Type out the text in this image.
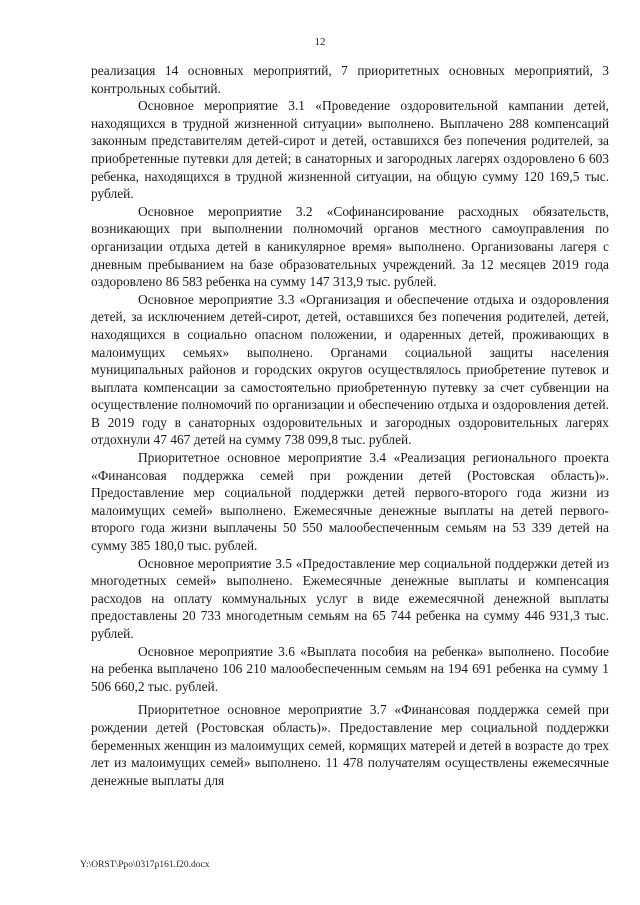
12

реализация 14 основных мероприятий, 7 приоритетных основных мероприятий, 3 контрольных событий.

Основное мероприятие 3.1 «Проведение оздоровительной кампании детей, находящихся в трудной жизненной ситуации» выполнено. Выплачено 288 компенсаций законным представителям детей-сирот и детей, оставшихся без попечения родителей, за приобретенные путевки для детей; в санаторных и загородных лагерях оздоровлено 6 603 ребенка, находящихся в трудной жизненной ситуации, на общую сумму 120 169,5 тыс. рублей.

Основное мероприятие 3.2 «Софинансирование расходных обязательств, возникающих при выполнении полномочий органов местного самоуправления по организации отдыха детей в каникулярное время» выполнено. Организованы лагеря с дневным пребыванием на базе образовательных учреждений. За 12 месяцев 2019 года оздоровлено 86 583 ребенка на сумму 147 313,9 тыс. рублей.

Основное мероприятие 3.3 «Организация и обеспечение отдыха и оздоровления детей, за исключением детей-сирот, детей, оставшихся без попечения родителей, детей, находящихся в социально опасном положении, и одаренных детей, проживающих в малоимущих семьях» выполнено. Органами социальной защиты населения муниципальных районов и городских округов осуществлялось приобретение путевок и выплата компенсации за самостоятельно приобретенную путевку за счет субвенции на осуществление полномочий по организации и обеспечению отдыха и оздоровления детей. В 2019 году в санаторных оздоровительных и загородных оздоровительных лагерях отдохнули 47 467 детей на сумму 738 099,8 тыс. рублей.

Приоритетное основное мероприятие 3.4 «Реализация регионального проекта «Финансовая поддержка семей при рождении детей (Ростовская область)». Предоставление мер социальной поддержки детей первого-второго года жизни из малоимущих семей» выполнено. Ежемесячные денежные выплаты на детей первого-второго года жизни выплачены 50 550 малообеспеченным семьям на 53 339 детей на сумму 385 180,0 тыс. рублей.

Основное мероприятие 3.5 «Предоставление мер социальной поддержки детей из многодетных семей» выполнено. Ежемесячные денежные выплаты и компенсация расходов на оплату коммунальных услуг в виде ежемесячной денежной выплаты предоставлены 20 733 многодетным семьям на 65 744 ребенка на сумму 446 931,3 тыс. рублей.

Основное мероприятие 3.6 «Выплата пособия на ребенка» выполнено. Пособие на ребенка выплачено 106 210 малообеспеченным семьям на 194 691 ребенка на сумму 1 506 660,2 тыс. рублей.

Приоритетное основное мероприятие 3.7 «Финансовая поддержка семей при рождении детей (Ростовская область)». Предоставление мер социальной поддержки беременных женщин из малоимущих семей, кормящих матерей и детей в возрасте до трех лет из малоимущих семей» выполнено. 11 478 получателям осуществлены ежемесячные денежные выплаты для

Y:\ORST\Ppo\0317p161.f20.docx
